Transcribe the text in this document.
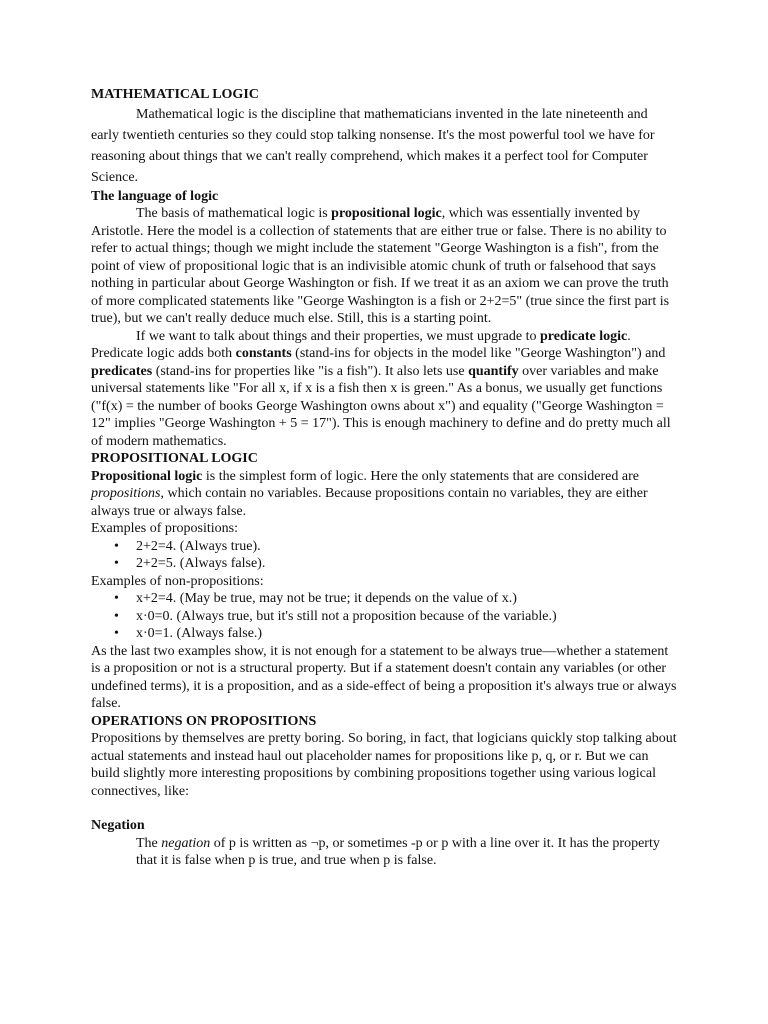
MATHEMATICAL LOGIC

Mathematical logic is the discipline that mathematicians invented in the late nineteenth and early twentieth centuries so they could stop talking nonsense. It's the most powerful tool we have for reasoning about things that we can't really comprehend, which makes it a perfect tool for Computer Science.

The language of logic

The basis of mathematical logic is propositional logic, which was essentially invented by Aristotle. Here the model is a collection of statements that are either true or false. There is no ability to refer to actual things; though we might include the statement "George Washington is a fish", from the point of view of propositional logic that is an indivisible atomic chunk of truth or falsehood that says nothing in particular about George Washington or fish. If we treat it as an axiom we can prove the truth of more complicated statements like "George Washington is a fish or 2+2=5" (true since the first part is true), but we can't really deduce much else. Still, this is a starting point.

If we want to talk about things and their properties, we must upgrade to predicate logic. Predicate logic adds both constants (stand-ins for objects in the model like "George Washington") and predicates (stand-ins for properties like "is a fish"). It also lets use quantify over variables and make universal statements like "For all x, if x is a fish then x is green." As a bonus, we usually get functions ("f(x) = the number of books George Washington owns about x") and equality ("George Washington = 12" implies "George Washington + 5 = 17"). This is enough machinery to define and do pretty much all of modern mathematics.

PROPOSITIONAL LOGIC

Propositional logic is the simplest form of logic. Here the only statements that are considered are propositions, which contain no variables. Because propositions contain no variables, they are either always true or always false.

Examples of propositions:

• 2+2=4. (Always true).
• 2+2=5. (Always false).

Examples of non-propositions:

• x+2=4. (May be true, may not be true; it depends on the value of x.)
• x·0=0. (Always true, but it's still not a proposition because of the variable.)
• x·0=1. (Always false.)

As the last two examples show, it is not enough for a statement to be always true—whether a statement is a proposition or not is a structural property. But if a statement doesn't contain any variables (or other undefined terms), it is a proposition, and as a side-effect of being a proposition it's always true or always false.

OPERATIONS ON PROPOSITIONS

Propositions by themselves are pretty boring. So boring, in fact, that logicians quickly stop talking about actual statements and instead haul out placeholder names for propositions like p, q, or r. But we can build slightly more interesting propositions by combining propositions together using various logical connectives, like:

Negation

The negation of p is written as ¬p, or sometimes -p or p with a line over it. It has the property that it is false when p is true, and true when p is false.
